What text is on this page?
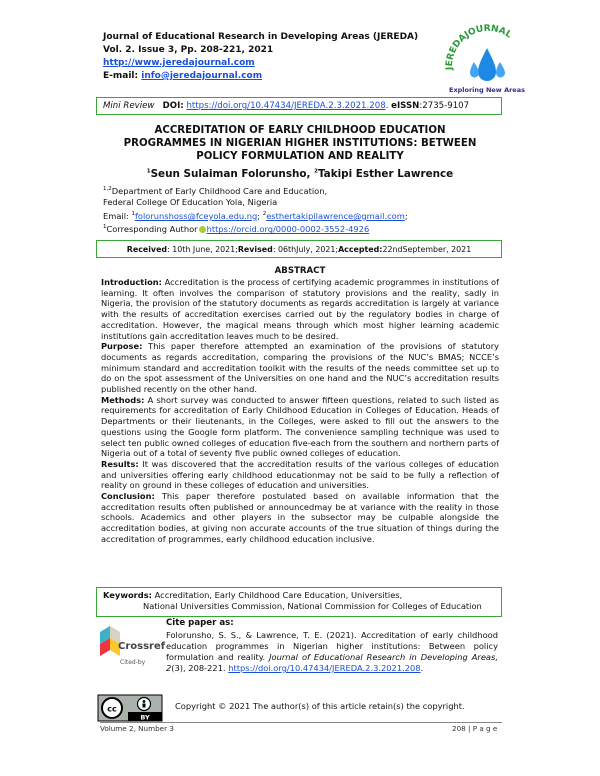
Journal of Educational Research in Developing Areas (JEREDA)
Vol. 2. Issue 3, Pp. 208-221, 2021
http://www.jeredajournal.com
E-mail: info@jeredajournal.com
JEREDAJOURNAL
Exploring New Areas
Mini Review
DOI:
https://doi.org/10.47434/JEREDA.2.3.2021.208 . eISSN :2735-9107
ACCREDITATION OF EARLY CHILDHOOD EDUCATION
PROGRAMMES IN NIGERIAN HIGHER INSTITUTIONS: BETWEEN
POLICY FORMULATION AND REALITY
$^1$Seun Sulaiman Folorunsho, $^2$Takipi Esther Lawrence
$^{1,2}$Department of Early Childhood Care and Education,
Federal College Of Education Yola, Nigeria
Email: $^1$folorunshoss@fceyola.edu.ng; $^2$esthertakipilawrence@gmail.com;
$^1$Corresponding Author https://orcid.org/0000-0002-3552-4926
Received : 10th June, 2021; Revised : 06thJuly, 2021; Accepted: 22ndSeptember, 2021
ABSTRACT

Introduction: Accreditation is the process of certifying academic programmes in institutions of learning. It often involves the comparison of statutory provisions and the reality, sadly in Nigeria, the provision of the statutory documents as regards accreditation is largely at variance with the results of accreditation exercises carried out by the regulatory bodies in charge of accreditation. However, the magical means through which most higher learning academic institutions gain accreditation leaves much to be desired.

Purpose: This paper therefore attempted an examination of the provisions of statutory documents as regards accreditation, comparing the provisions of the NUC’s BMAS; NCCE’s minimum standard and accreditation toolkit with the results of the needs committee set up to do on the spot assessment of the Universities on one hand and the NUC’s accreditation results published recently on the other hand.

Methods: A short survey was conducted to answer fifteen questions, related to such listed as requirements for accreditation of Early Childhood Education in Colleges of Education. Heads of Departments or their lieutenants, in the Colleges, were asked to fill out the answers to the questions using the Google form platform. The convenience sampling technique was used to select ten public owned colleges of education five-each from the southern and northern parts of Nigeria out of a total of seventy five public owned colleges of education.

Results: It was discovered that the accreditation results of the various colleges of education and universities offering early childhood educationmay not be said to be fully a reflection of reality on ground in these colleges of education and universities.

Conclusion: This paper therefore postulated based on available information that the accreditation results often published or announcedmay be at variance with the reality in those schools. Academics and other players in the subsector may be culpable alongside the accreditation bodies, at giving non accurate accounts of the true situation of things during the accreditation of programmes, early childhood education inclusive.

Keywords: Accreditation, Early Childhood Care Education, Universities,
National Universities Commission, National Commission for Colleges of Education
Crossref
Cited-by
Cite paper as:
Folorunsho, S. S., & Lawrence, T. E. (2021). Accreditation of early childhood education programmes in Nigerian higher institutions: Between policy formulation and reality. Journal of Educational Research in Developing Areas, 2(3), 208-221. https://doi.org/10.47434/JEREDA.2.3.2021.208.
cc
BY
Copyright © 2021 The author(s) of this article retain(s) the copyright.
Volume 2, Number 3	208 | P a g e
